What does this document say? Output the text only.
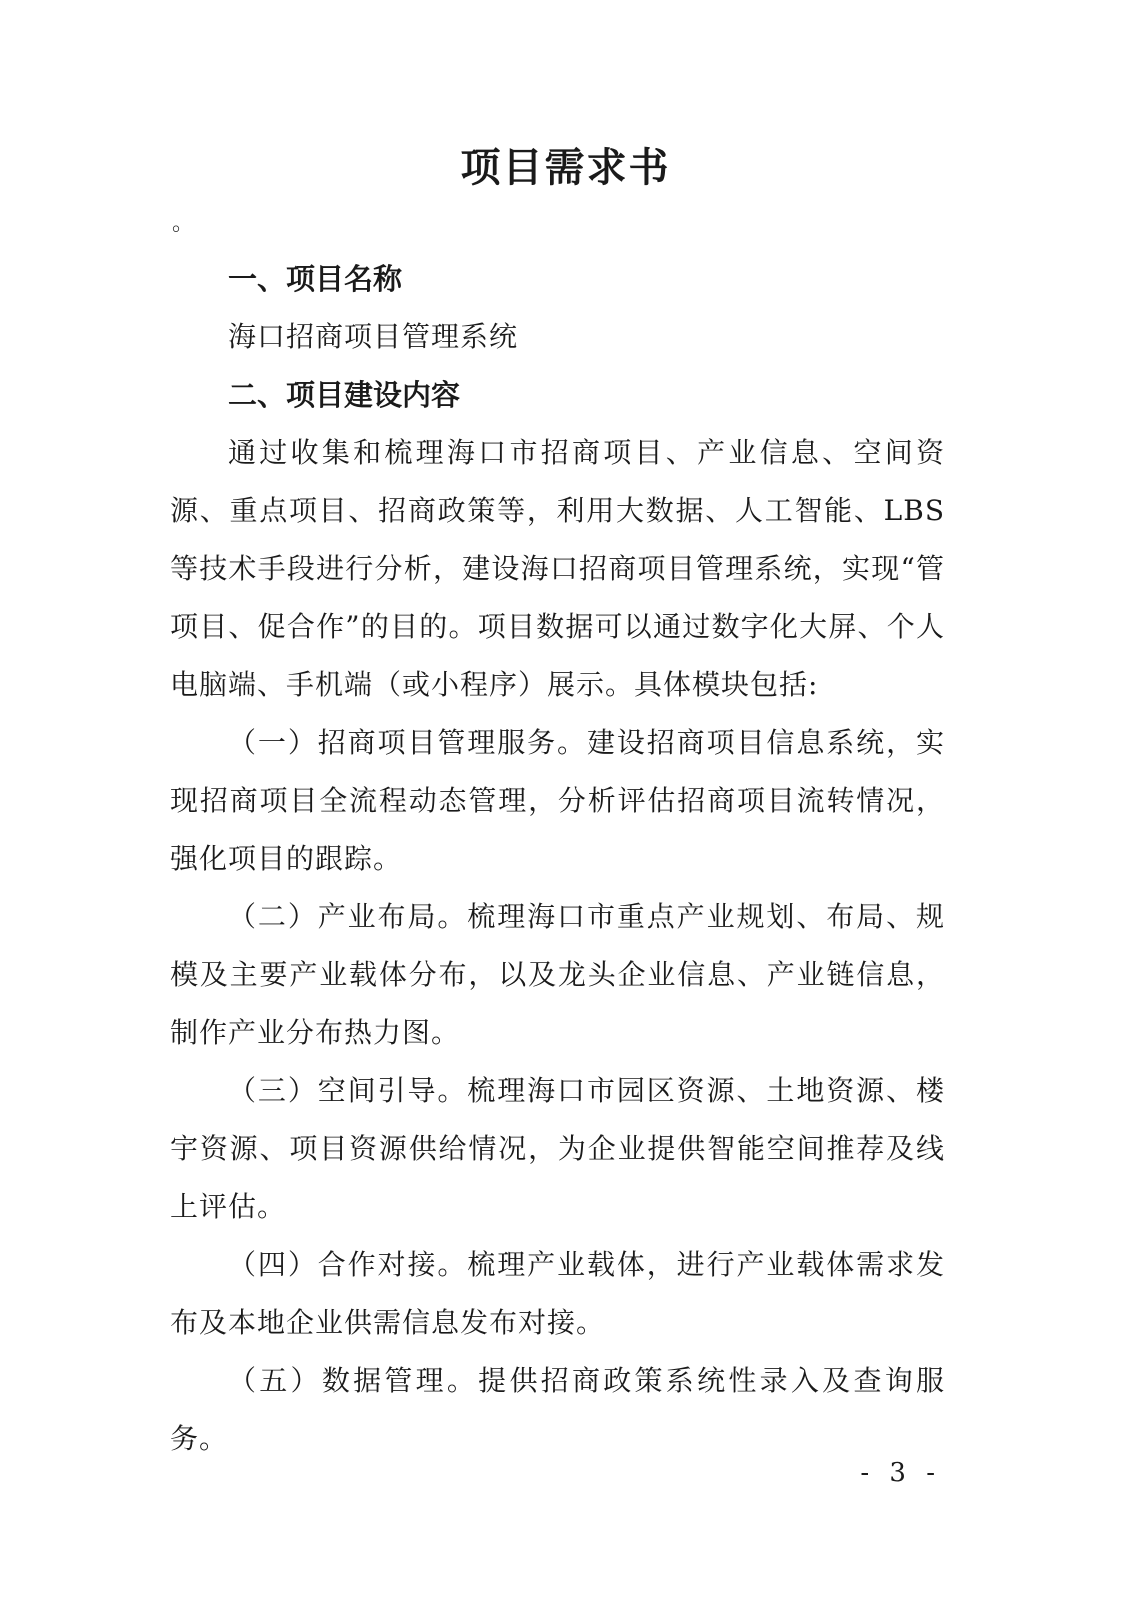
项目需求书
。

一、项目名称

海口招商项目管理系统

二、项目建设内容

通过收集和梳理海口市招商项目、产业信息、空间资源、重点项目、招商政策等，利用大数据、人工智能、LBS 等技术手段进行分析，建设海口招商项目管理系统，实现“管项目、促合作”的目的。项目数据可以通过数字化大屏、个人电脑端、手机端（或小程序）展示。具体模块包括:

（一）招商项目管理服务。建设招商项目信息系统，实现招商项目全流程动态管理，分析评估招商项目流转情况，强化项目的跟踪。

（二）产业布局。梳理海口市重点产业规划、布局、规模及主要产业载体分布，以及龙头企业信息、产业链信息，制作产业分布热力图。

（三）空间引导。梳理海口市园区资源、土地资源、楼宇资源、项目资源供给情况，为企业提供智能空间推荐及线上评估。

（四）合作对接。梳理产业载体，进行产业载体需求发布及本地企业供需信息发布对接。

（五）数据管理。提供招商政策系统性录入及查询服务。

- 3 -
